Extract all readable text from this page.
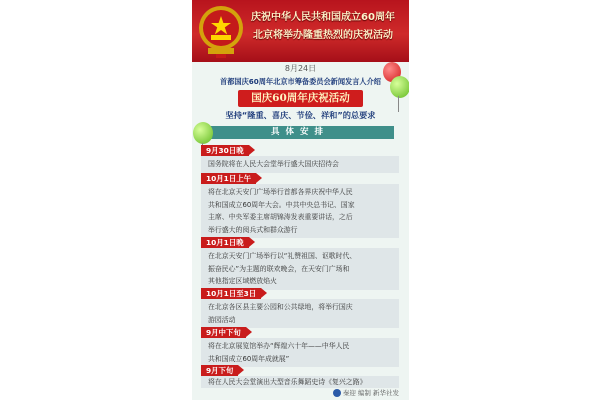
庆祝中华人民共和国成立60周年
北京将举办隆重热烈的庆祝活动
8月24日
首都国庆60周年北京市筹备委员会新闻发言人介绍
国庆60周年庆祝活动
坚持“隆重、喜庆、节俭、祥和”的总要求
具体安排
9月30日晚
国务院将在人民大会堂举行盛大国庆招待会
10月1日上午
将在北京天安门广场举行首都各界庆祝中华人民
共和国成立60周年大会。中共中央总书记、国家
主席、中央军委主席胡锦涛发表重要讲话，之后
举行盛大的阅兵式和群众游行
10月1日晚
在北京天安门广场举行以“礼赞祖国、讴歌时代、
振奋民心”为主题的联欢晚会，在天安门广场和
其他指定区域燃放焰火
10月1日至3日
在北京各区县主要公园和公共绿地，将举行国庆
游园活动
9月中下旬
将在北京展览馆举办“辉煌六十年——中华人民
共和国成立60周年成就展”
9月下旬
将在人民大会堂演出大型音乐舞蹈史诗《复兴之路》
秦迎 编制 新华社发
